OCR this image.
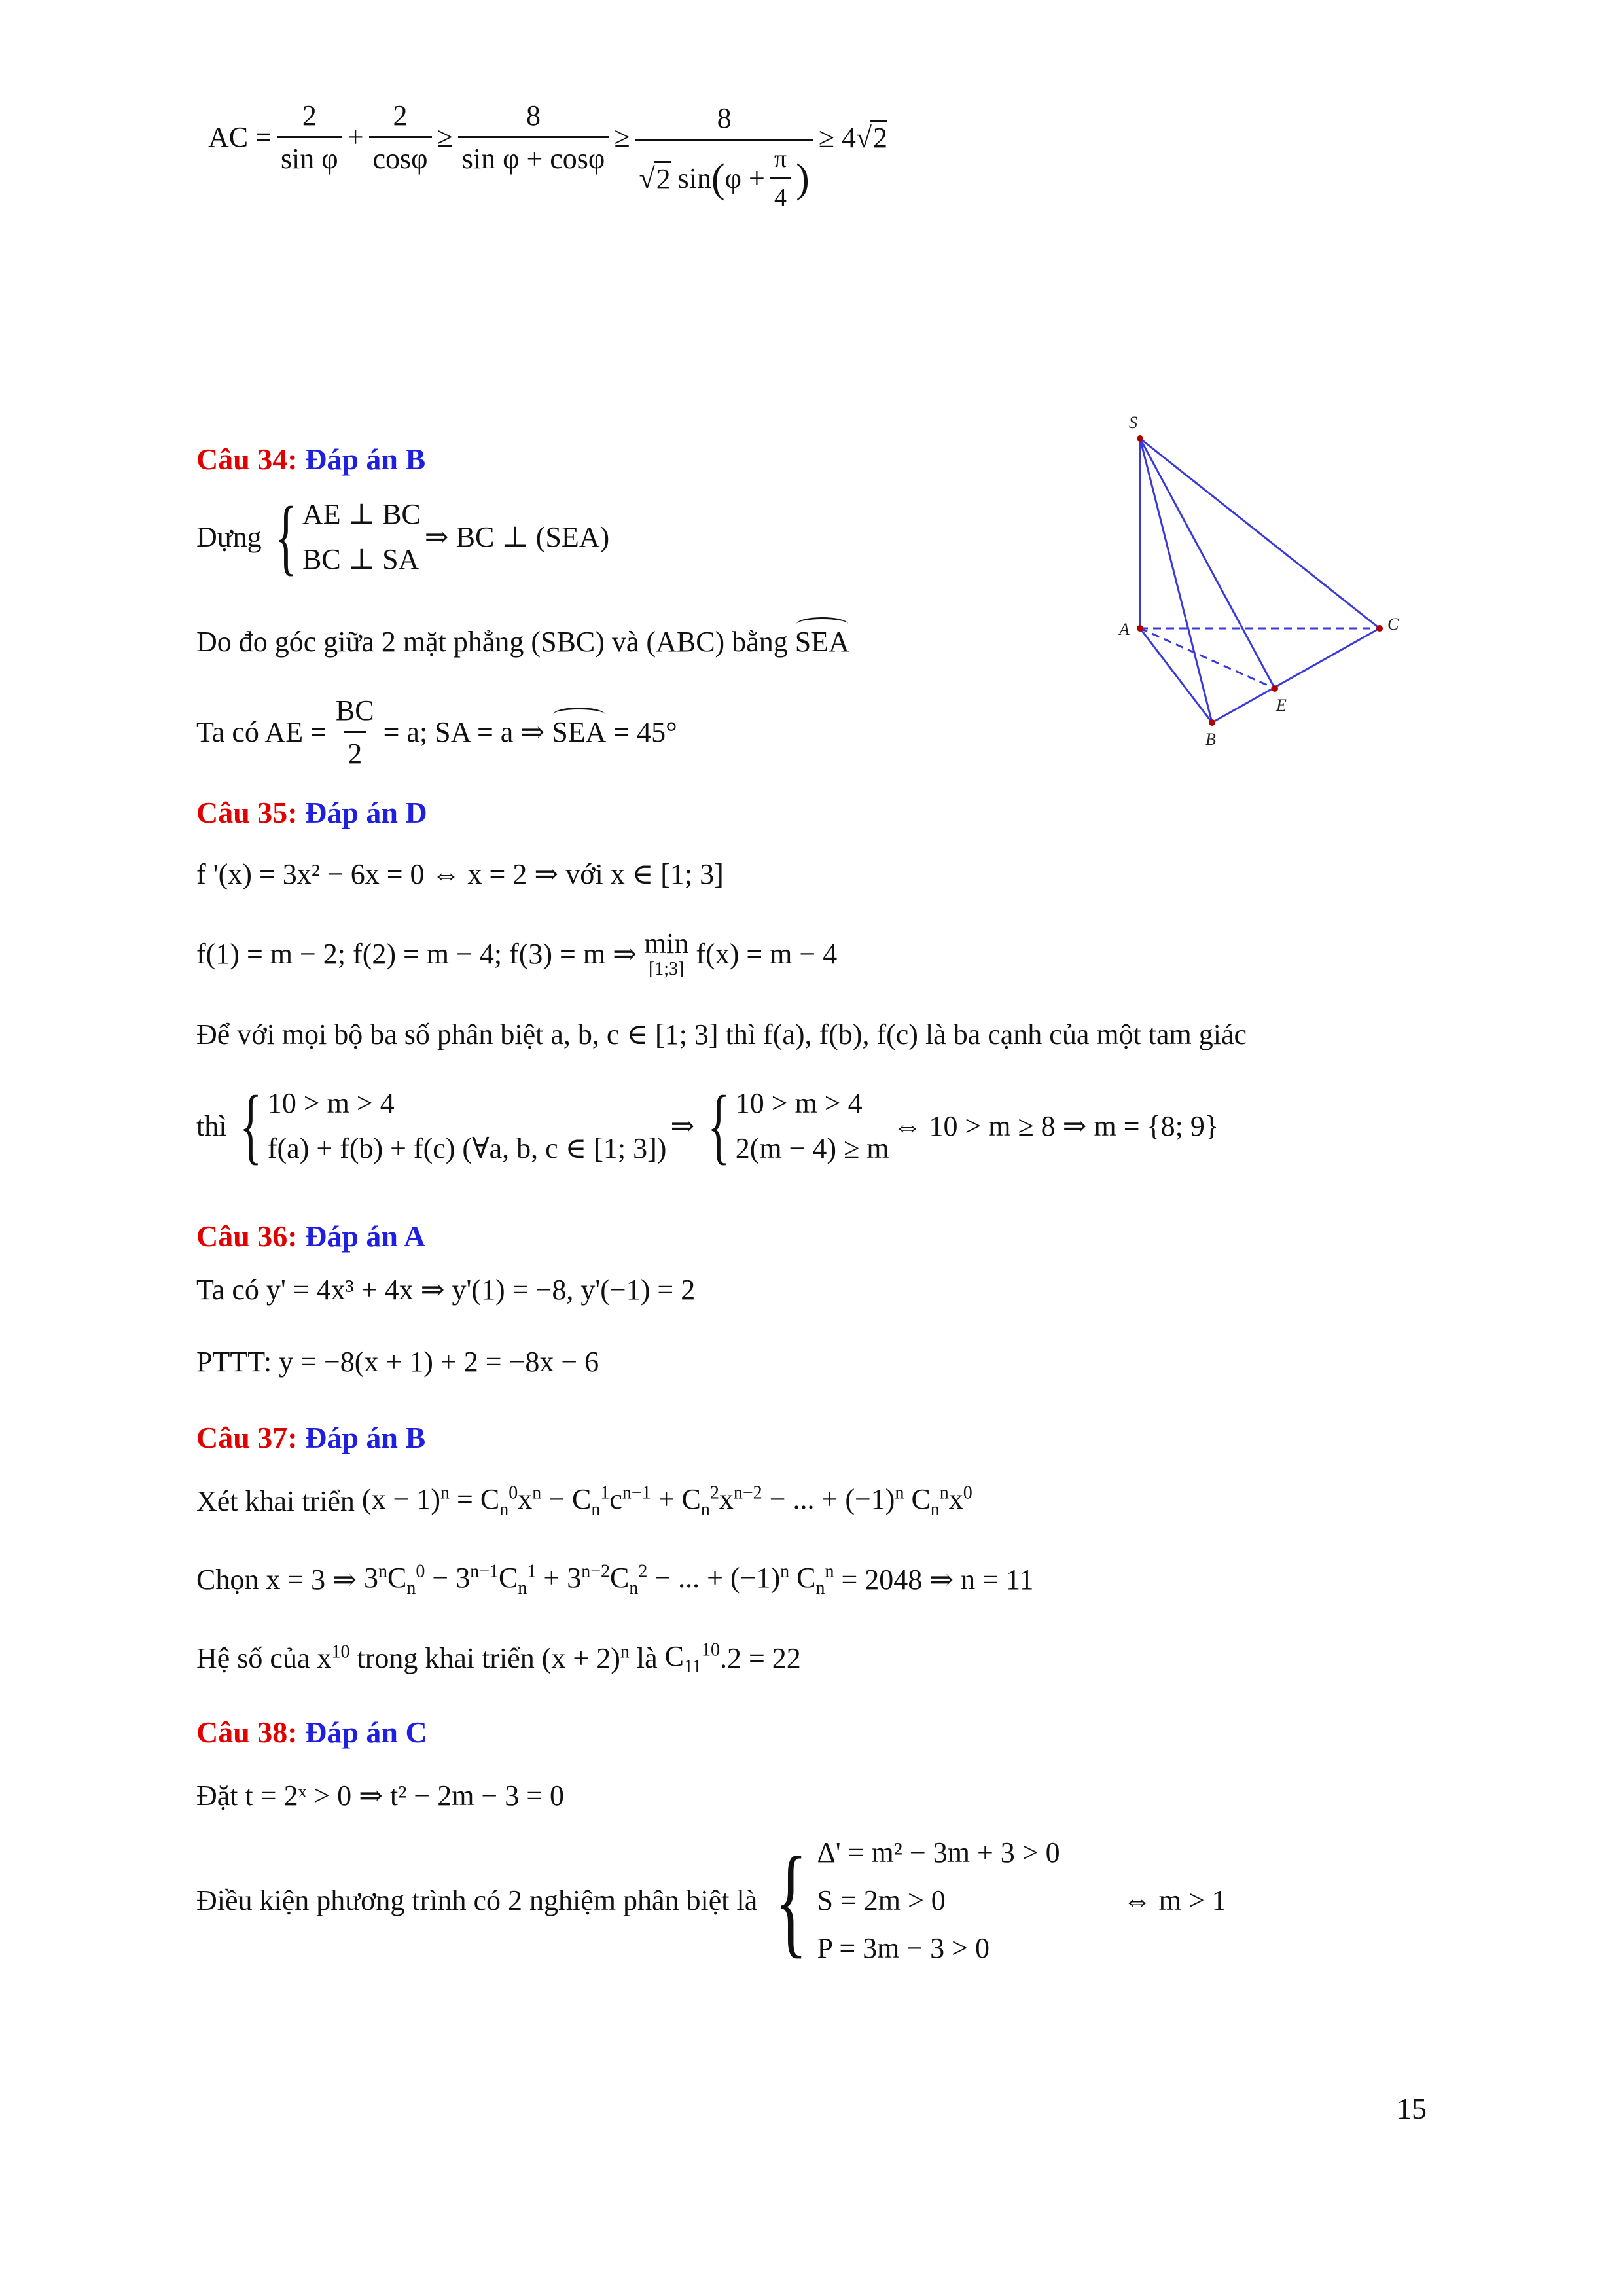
AC = $\frac{2}{\text{sin φ}} + \frac{2}{\cos\varphi} \ge \frac{8}{\text{sin φ + cosφ}} \ge \frac{8}{√ 2 \sin ( \varphi + \frac{\pi}{4} )} \ge 4√2$
Câu 34: Đáp án B
Dựng { AE ⊥ BC
BC ⊥ SA
⇒ BC ⊥ (SEA)
Do đo góc giữa 2 mặt phẳng (SBC) và (ABC) bằng
SEA
Ta có AE = $\frac{BC}{2} = a$; SA = a ⇒
SEA
= 45°
S
A
B
C
E
Câu 35: Đáp án D
f '(x) = 3x² − 6x = 0 ⇔ x = 2 ⇒ với x ∈ [1; 3]
f(1) = m − 2; f(2) = m − 4; f(3) = m ⇒
min
[1;3]
f(x) = m − 4
Để với mọi bộ ba số phân biệt a, b, c ∈ [1; 3] thì f(a), f(b), f(c) là ba cạnh của một tam giác
thì { 10 > m > 4
f(a) + f(b) + f(c) (∀a, b, c ∈ [1; 3])
⇒ { 10 > m > 4
2(m − 4) ≥ m
⇔ 10 > m ≥ 8 ⇒ m = {8; 9}
Câu 36: Đáp án A
Ta có y' = 4x³ + 4x ⇒ y'(1) = −8, y'(−1) = 2
PTTT: y = −8(x + 1) + 2 = −8x − 6
Câu 37: Đáp án B
Xét khai triển
$(x - 1)^n = C_n^0x^n - C_n^1c^{n-1} + C_n^2x^{n-2}$ − ... + $(-1)^n$ $C_n^nx^0$
Chọn x = 3 ⇒
$3^nC_n^0 - 3^{n-1}C_n^1 + 3^{n-2}C_n^2$ − ... + $(-1)^n$ $C_n^n$
= 2048 ⇒ n = 11
Hệ số của
$x^{10}$
trong khai triển
$(x + 2)^n$
là
$C_{11}^{10}$ .2 = 22
Câu 38: Đáp án C
Đặt t = 2ˣ > 0 ⇒ t² − 2m − 3 = 0
Điều kiện phương trình có 2 nghiệm phân biệt là { Δ' = m² − 3m + 3 > 0
S = 2m > 0
P = 3m − 3 > 0
⇔ m > 1
15
